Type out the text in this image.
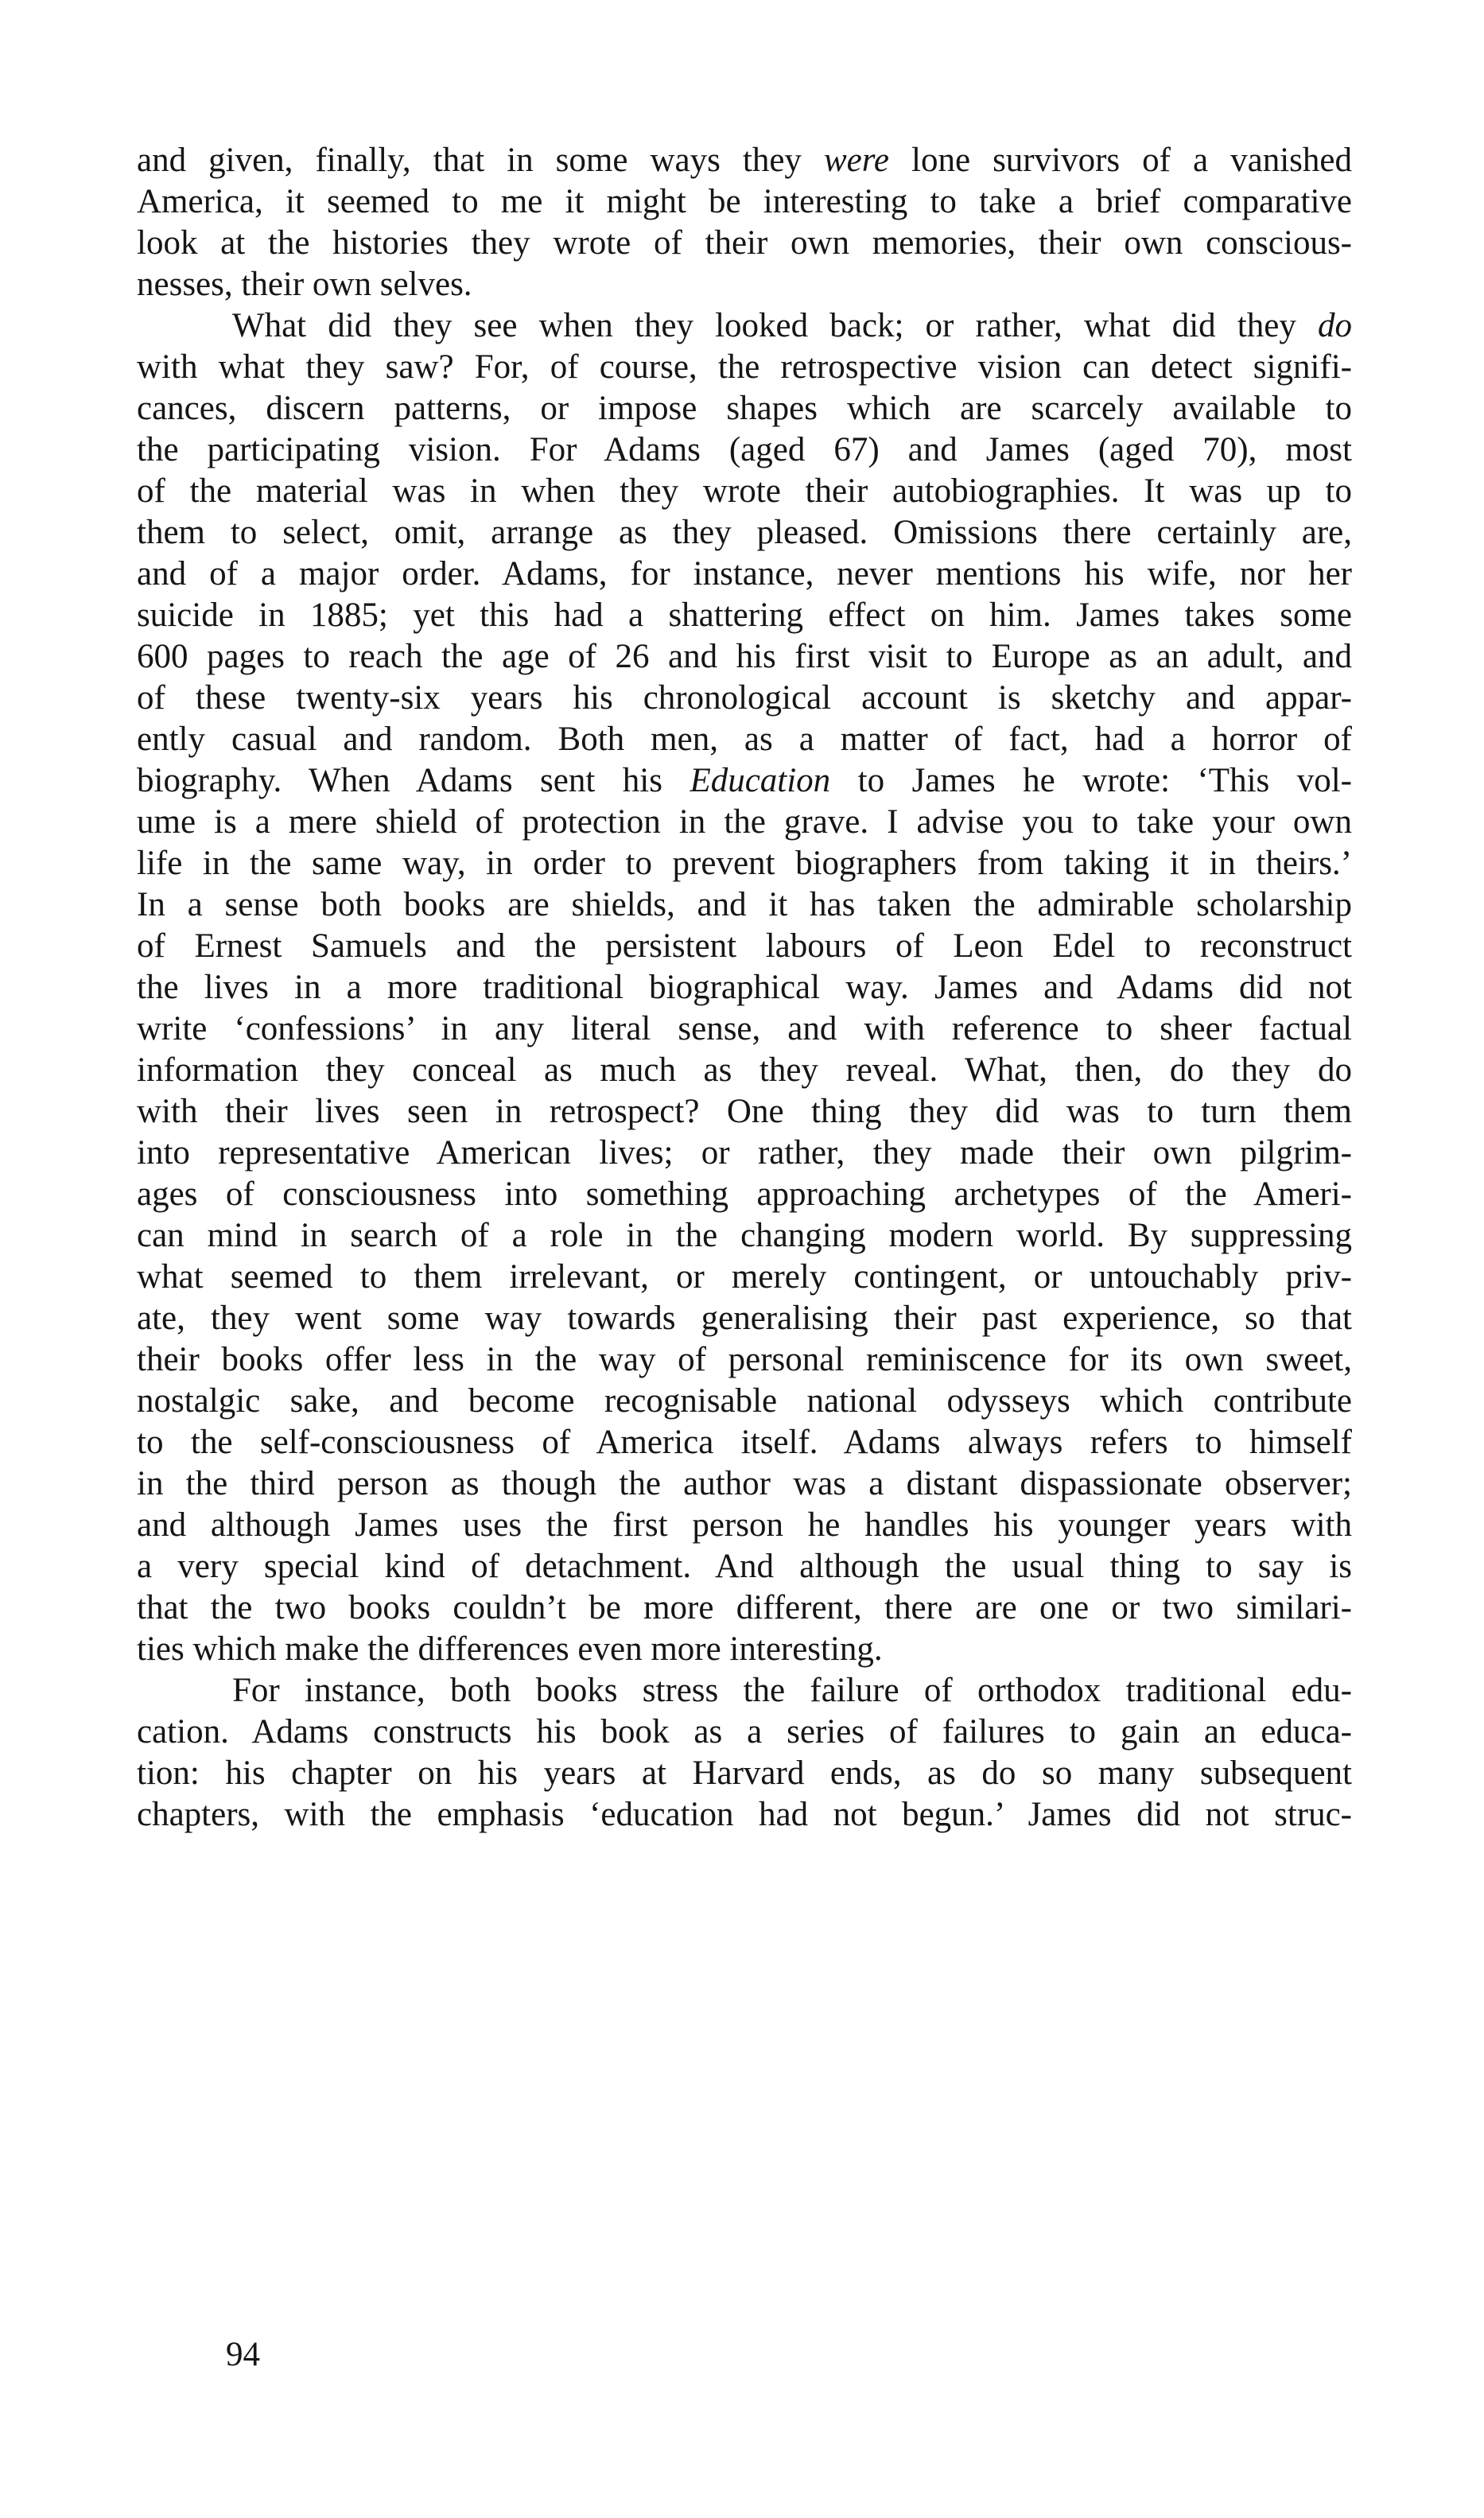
and given, finally, that in some ways they were lone survivors of a vanished
America, it seemed to me it might be interesting to take a brief comparative
look at the histories they wrote of their own memories, their own conscious-
nesses, their own selves.
What did they see when they looked back; or rather, what did they do
with what they saw? For, of course, the retrospective vision can detect signifi-
cances, discern patterns, or impose shapes which are scarcely available to
the participating vision. For Adams (aged 67) and James (aged 70), most
of the material was in when they wrote their autobiographies. It was up to
them to select, omit, arrange as they pleased. Omissions there certainly are,
and of a major order. Adams, for instance, never mentions his wife, nor her
suicide in 1885; yet this had a shattering effect on him. James takes some
600 pages to reach the age of 26 and his first visit to Europe as an adult, and
of these twenty-six years his chronological account is sketchy and appar-
ently casual and random. Both men, as a matter of fact, had a horror of
biography. When Adams sent his Education to James he wrote: ‘This vol-
ume is a mere shield of protection in the grave. I advise you to take your own
life in the same way, in order to prevent biographers from taking it in theirs.’
In a sense both books are shields, and it has taken the admirable scholarship
of Ernest Samuels and the persistent labours of Leon Edel to reconstruct
the lives in a more traditional biographical way. James and Adams did not
write ‘confessions’ in any literal sense, and with reference to sheer factual
information they conceal as much as they reveal. What, then, do they do
with their lives seen in retrospect? One thing they did was to turn them
into representative American lives; or rather, they made their own pilgrim-
ages of consciousness into something approaching archetypes of the Ameri-
can mind in search of a role in the changing modern world. By suppressing
what seemed to them irrelevant, or merely contingent, or untouchably priv-
ate, they went some way towards generalising their past experience, so that
their books offer less in the way of personal reminiscence for its own sweet,
nostalgic sake, and become recognisable national odysseys which contribute
to the self-consciousness of America itself. Adams always refers to himself
in the third person as though the author was a distant dispassionate observer;
and although James uses the first person he handles his younger years with
a very special kind of detachment. And although the usual thing to say is
that the two books couldn’t be more different, there are one or two similari-
ties which make the differences even more interesting.
For instance, both books stress the failure of orthodox traditional edu-
cation. Adams constructs his book as a series of failures to gain an educa-
tion: his chapter on his years at Harvard ends, as do so many subsequent
chapters, with the emphasis ‘education had not begun.’ James did not struc-
94
